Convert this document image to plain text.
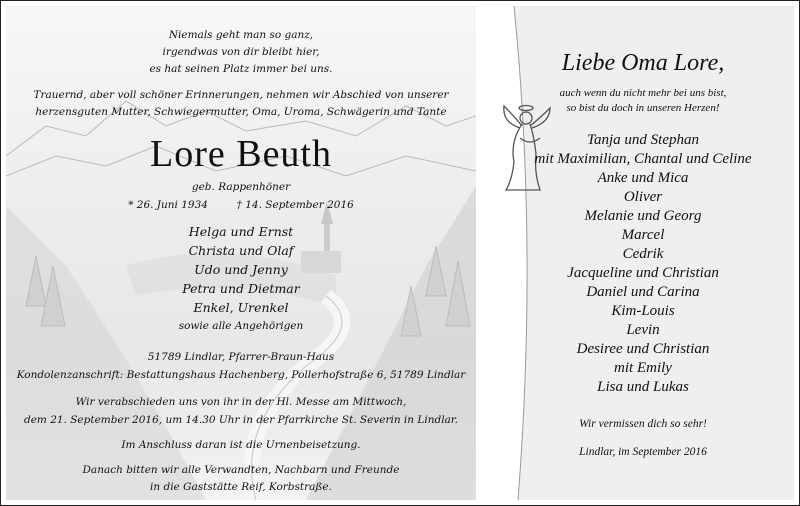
Niemals geht man so ganz,
irgendwas von dir bleibt hier,
es hat seinen Platz immer bei uns.
Trauernd, aber voll schöner Erinnerungen, nehmen wir Abschied von unserer
herzensguten Mutter, Schwiegermutter, Oma, Uroma, Schwägerin und Tante
Lore Beuth
geb. Rappenhöner
* 26. Juni 1934	† 14. September 2016
Helga und Ernst
Christa und Olaf
Udo und Jenny
Petra und Dietmar
Enkel, Urenkel
sowie alle Angehörigen
51789 Lindlar, Pfarrer-Braun-Haus
Kondolenzanschrift: Bestattungshaus Hachenberg, Pollerhofstraße 6, 51789 Lindlar
Wir verabschieden uns von ihr in der Hl. Messe am Mittwoch,
dem 21. September 2016, um 14.30 Uhr in der Pfarrkirche St. Severin in Lindlar.
Im Anschluss daran ist die Urnenbeisetzung.
Danach bitten wir alle Verwandten, Nachbarn und Freunde
in die Gaststätte Reif, Korbstraße.
Liebe Oma Lore,
auch wenn du nicht mehr bei uns bist,
so bist du doch in unseren Herzen!
Tanja und Stephan
mit Maximilian, Chantal und Celine
Anke und Mica
Oliver
Melanie und Georg
Marcel
Cedrik
Jacqueline und Christian
Daniel und Carina
Kim-Louis
Levin
Desiree und Christian
mit Emily
Lisa und Lukas
Wir vermissen dich so sehr!
Lindlar, im September 2016
